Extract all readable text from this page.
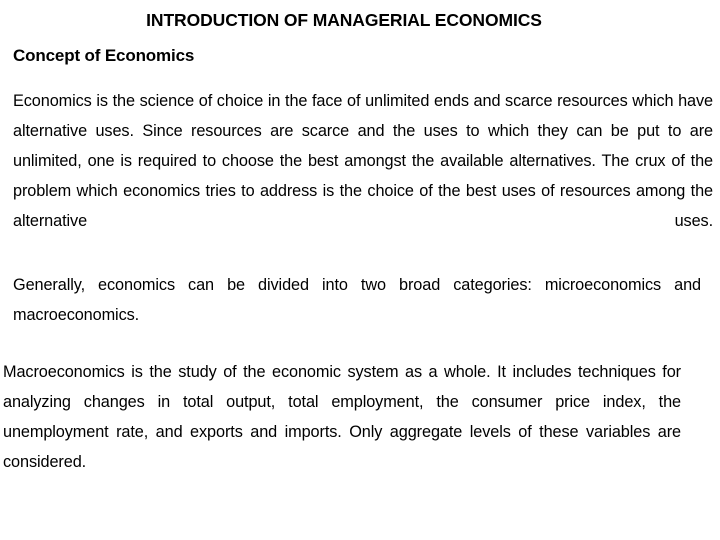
INTRODUCTION OF MANAGERIAL ECONOMICS
Concept of Economics

Economics is the science of choice in the face of unlimited ends and scarce resources which have alternative uses. Since resources are scarce and the uses to which they can be put to are unlimited, one is required to choose the best amongst the available alternatives. The crux of the problem which economics tries to address is the choice of the best uses of resources among the alternative uses.

Generally, economics can be divided into two broad categories: microeconomics and macroeconomics.

Macroeconomics is the study of the economic system as a whole. It includes techniques for analyzing changes in total output, total employment, the consumer price index, the unemployment rate, and exports and imports. Only aggregate levels of these variables are considered.
